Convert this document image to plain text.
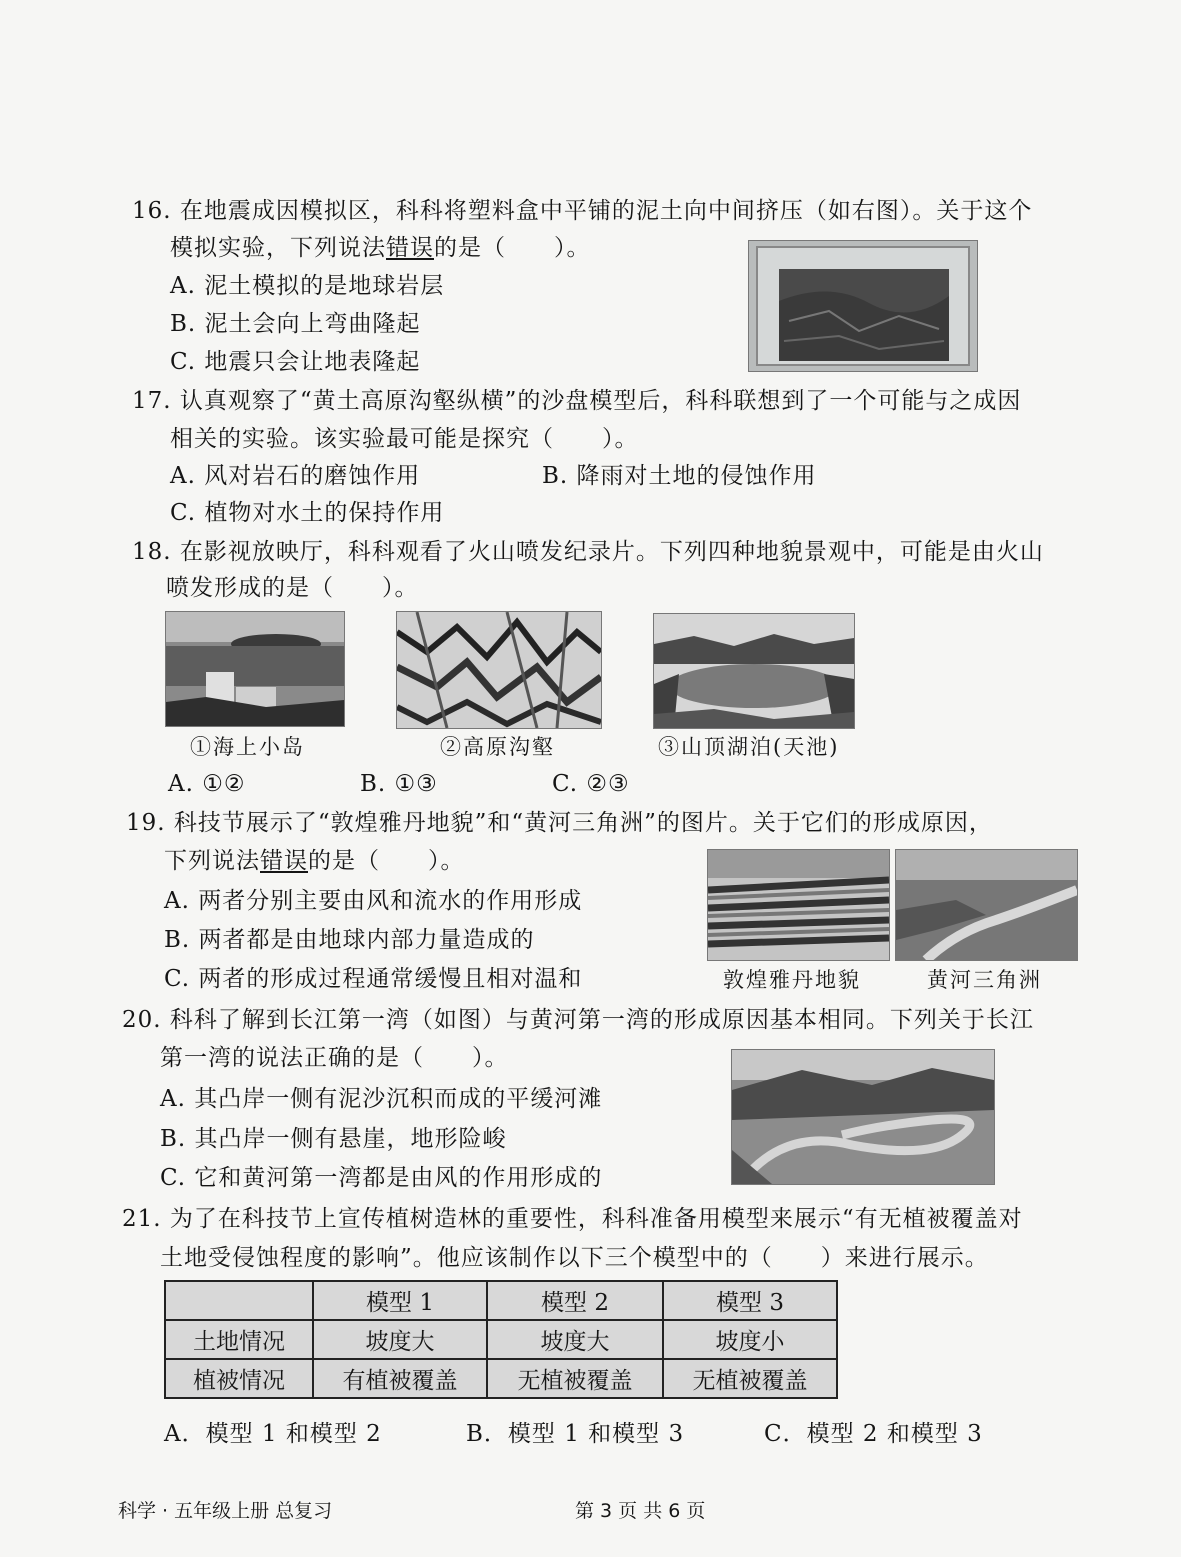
16. 在地震成因模拟区，科科将塑料盒中平铺的泥土向中间挤压（如右图）。关于这个
模拟实验，下列说法错误的是（　　）。
A. 泥土模拟的是地球岩层
B. 泥土会向上弯曲隆起
C. 地震只会让地表隆起
17. 认真观察了“黄土高原沟壑纵横”的沙盘模型后，科科联想到了一个可能与之成因
相关的实验。该实验最可能是探究（　　）。
A. 风对岩石的磨蚀作用	B. 降雨对土地的侵蚀作用
C. 植物对水土的保持作用
18. 在影视放映厅，科科观看了火山喷发纪录片。下列四种地貌景观中，可能是由火山
喷发形成的是（　　）。
①海上小岛	②高原沟壑	③山顶湖泊(天池)
A. ①②	B. ①③	C. ②③
19. 科技节展示了“敦煌雅丹地貌”和“黄河三角洲”的图片。关于它们的形成原因，
下列说法错误的是（　　）。
A. 两者分别主要由风和流水的作用形成
B. 两者都是由地球内部力量造成的
C. 两者的形成过程通常缓慢且相对温和	敦煌雅丹地貌	黄河三角洲
20. 科科了解到长江第一湾（如图）与黄河第一湾的形成原因基本相同。下列关于长江
第一湾的说法正确的是（　　）。
A. 其凸岸一侧有泥沙沉积而成的平缓河滩
B. 其凸岸一侧有悬崖，地形险峻
C. 它和黄河第一湾都是由风的作用形成的
21. 为了在科技节上宣传植树造林的重要性，科科准备用模型来展示“有无植被覆盖对
土地受侵蚀程度的影响”。他应该制作以下三个模型中的（　　）来进行展示。
	模型 1	模型 2	模型 3
土地情况	坡度大	坡度大	坡度小
植被情况	有植被覆盖	无植被覆盖	无植被覆盖
A．模型 1 和模型 2	B．模型 1 和模型 3	C．模型 2 和模型 3
科学 · 五年级上册 总复习	第 3 页 共 6 页
